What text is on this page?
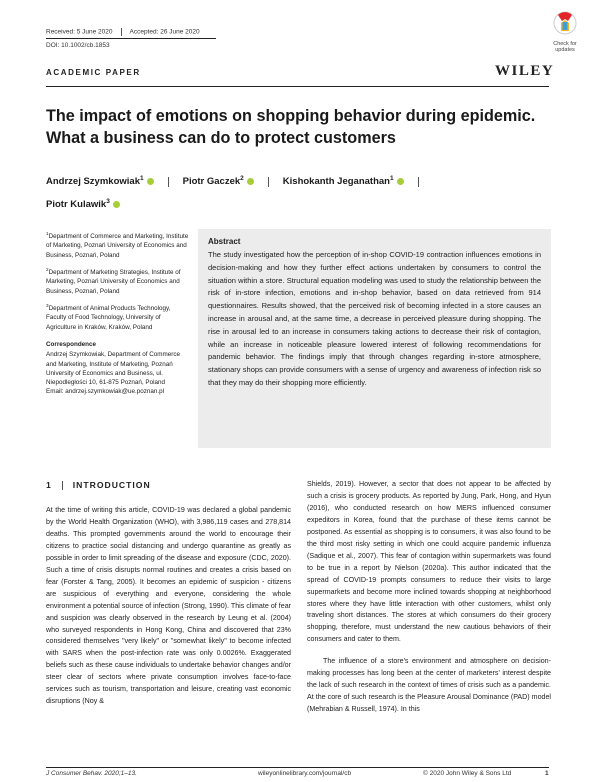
Received: 5 June 2020	Accepted: 26 June 2020
DOI: 10.1002/cb.1853	Check for
updates
ACADEMIC PAPER	WILEY
The impact of emotions on shopping behavior during epidemic. What a business can do to protect customers
Andrzej Szymkowiak$^1$	Piotr Gaczek$^2$	Kishokanth Jeganathan$^1$
Piotr Kulawik$^3$

$^1$Department of Commerce and Marketing, Institute of Marketing, Poznań University of Economics and Business, Poznań, Poland

$^2$Department of Marketing Strategies, Institute of Marketing, Poznań University of Economics and Business, Poznań, Poland

$^3$Department of Animal Products Technology, Faculty of Food Technology, University of Agriculture in Kraków, Kraków, Poland

Correspondence

Andrzej Szymkowiak, Department of Commerce and Marketing, Institute of Marketing, Poznań University of Economics and Business, ul. Niepodległości 10, 61-875 Poznań, Poland

Email: andrzej.szymkowiak@ue.poznan.pl

Abstract
The study investigated how the perception of in-shop COVID-19 contraction influences emotions in decision-making and how they further effect actions undertaken by consumers to control the situation within a store. Structural equation modeling was used to study the relationship between the risk of in-store infection, emotions and in-shop behavior, based on data retrieved from 914 questionnaires. Results showed, that the perceived risk of becoming infected in a store causes an increase in arousal and, at the same time, a decrease in perceived pleasure during shopping. The rise in arousal led to an increase in consumers taking actions to decrease their risk of contagion, while an increase in noticeable pleasure lowered interest of following recommendations for pandemic behavior. The findings imply that through changes regarding in-store atmosphere, stationary shops can provide consumers with a sense of urgency and awareness of infection risk so that they may do their shopping more efficiently.
1 INTRODUCTION

At the time of writing this article, COVID-19 was declared a global pandemic by the World Health Organization (WHO), with 3,986,119 cases and 278,814 deaths. This prompted governments around the world to encourage their citizens to practice social distancing and undergo quarantine as greatly as possible in order to limit spreading of the disease and exposure (CDC, 2020). Such a time of crisis disrupts normal routines and creates a crisis based on fear (Forster & Tang, 2005). It becomes an epidemic of suspicion - citizens are suspicious of everything and everyone, considering the whole environment a potential source of infection (Strong, 1990). This climate of fear and suspicion was clearly observed in the research by Leung et al. (2004) who surveyed respondents in Hong Kong, China and discovered that 23% considered themselves "very likely" or "somewhat likely" to become infected with SARS when the post-infection rate was only 0.0026%. Exaggerated beliefs such as these cause individuals to undertake behavior changes and/or steer clear of sectors where private consumption involves face-to-face services such as tourism, transportation and leisure, creating vast economic disruptions (Noy &

Shields, 2019). However, a sector that does not appear to be affected by such a crisis is grocery products. As reported by Jung, Park, Hong, and Hyun (2016), who conducted research on how MERS influenced consumer expeditors in Korea, found that the purchase of these items cannot be postponed. As essential as shopping is to consumers, it was also found to be the third most risky setting in which one could acquire pandemic influenza (Sadique et al., 2007). This fear of contagion within supermarkets was found to be true in a report by Nielson (2020a). This author indicated that the spread of COVID-19 prompts consumers to reduce their visits to large supermarkets and become more inclined towards shopping at neighborhood stores where they have little interaction with other customers, whilst only traveling short distances. The stores at which consumers do their grocery shopping, therefore, must understand the new cautious behaviors of their consumers and cater to them.

The influence of a store's environment and atmosphere on decision-making processes has long been at the center of marketers' interest despite the lack of such research in the context of times of crisis such as a pandemic. At the core of such research is the Pleasure Arousal Dominance (PAD) model (Mehrabian & Russell, 1974). In this

J Consumer Behav. 2020;1–13.	wileyonlinelibrary.com/journal/cb	© 2020 John Wiley & Sons Ltd	1
